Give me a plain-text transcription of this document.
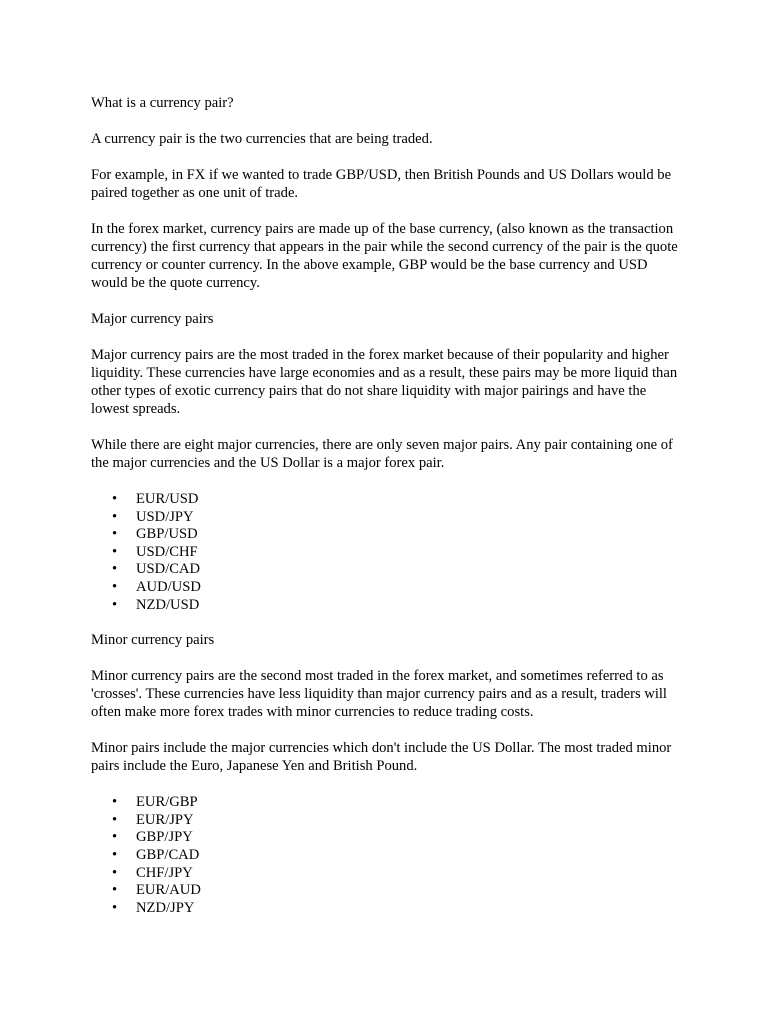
What is a currency pair?

A currency pair is the two currencies that are being traded.

For example, in FX if we wanted to trade GBP/USD, then British Pounds and US Dollars would be paired together as one unit of trade.

In the forex market, currency pairs are made up of the base currency, (also known as the transaction currency) the first currency that appears in the pair while the second currency of the pair is the quote currency or counter currency. In the above example, GBP would be the base currency and USD would be the quote currency.

Major currency pairs

Major currency pairs are the most traded in the forex market because of their popularity and higher liquidity. These currencies have large economies and as a result, these pairs may be more liquid than other types of exotic currency pairs that do not share liquidity with major pairings and have the lowest spreads.

While there are eight major currencies, there are only seven major pairs. Any pair containing one of the major currencies and the US Dollar is a major forex pair.

• EUR/USD
• USD/JPY
• GBP/USD
• USD/CHF
• USD/CAD
• AUD/USD
• NZD/USD

Minor currency pairs

Minor currency pairs are the second most traded in the forex market, and sometimes referred to as 'crosses'. These currencies have less liquidity than major currency pairs and as a result, traders will often make more forex trades with minor currencies to reduce trading costs.

Minor pairs include the major currencies which don't include the US Dollar. The most traded minor pairs include the Euro, Japanese Yen and British Pound.

• EUR/GBP
• EUR/JPY
• GBP/JPY
• GBP/CAD
• CHF/JPY
• EUR/AUD
• NZD/JPY
